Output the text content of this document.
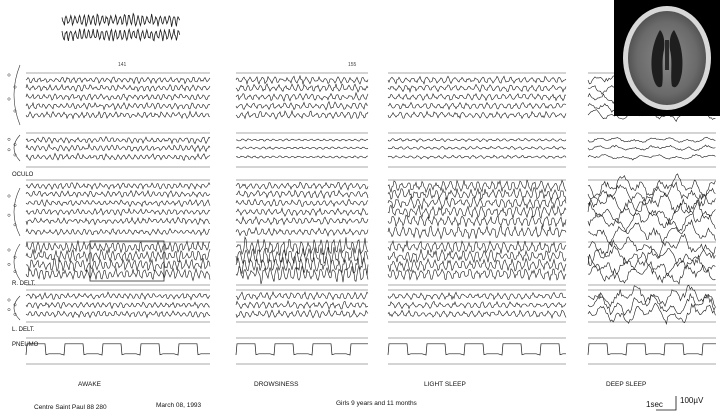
OCULO
R. DELT.
L. DELT.
PNEUMO
141	155
AWAKE	DROWSINESS	LIGHT SLEEP	DEEP SLEEP
Centre Saint Paul 88 280	March 08, 1993	Girls 9 years and 11 months	1sec 100µV
